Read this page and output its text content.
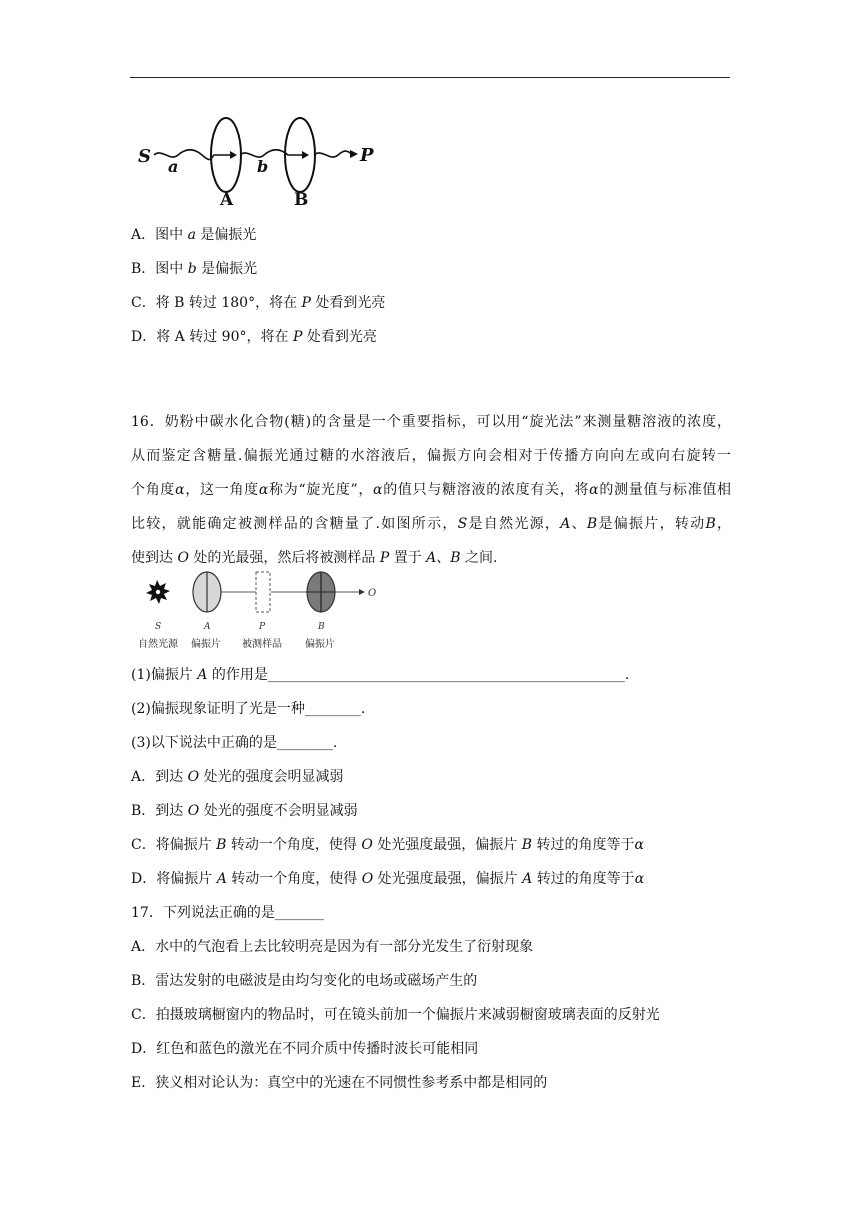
S a	b
P
A	B
A．图中 a 是偏振光
B．图中 b 是偏振光
C．将 B 转过 180°，将在 P 处看到光亮
D．将 A 转过 90°，将在 P 处看到光亮
16．奶粉中碳水化合物(糖)的含量是一个重要指标，可以用“旋光法”来测量糖溶液的浓度，
从而鉴定含糖量.偏振光通过糖的水溶液后，偏振方向会相对于传播方向向左或向右旋转一
个角度α，这一角度α称为“旋光度”，α的值只与糖溶液的浓度有关，将α的测量值与标准值相
比较，就能确定被测样品的含糖量了.如图所示，S是自然光源，A、B是偏振片，转动B，
使到达 O 处的光最强，然后将被测样品 P 置于 A、B 之间.
O
S	A	P	B
自然光源 偏振片 被测样品 偏振片
(1)偏振片 A 的作用是___________________________________________________.
(2)偏振现象证明了光是一种________.
(3)以下说法中正确的是________.
A．到达 O 处光的强度会明显减弱
B．到达 O 处光的强度不会明显减弱
C．将偏振片 B 转动一个角度，使得 O 处光强度最强，偏振片 B 转过的角度等于α
D．将偏振片 A 转动一个角度，使得 O 处光强度最强，偏振片 A 转过的角度等于α
17．下列说法正确的是_______
A．水中的气泡看上去比较明亮是因为有一部分光发生了衍射现象
B．雷达发射的电磁波是由均匀变化的电场或磁场产生的
C．拍摄玻璃橱窗内的物品时，可在镜头前加一个偏振片来减弱橱窗玻璃表面的反射光
D．红色和蓝色的激光在不同介质中传播时波长可能相同
E．狭义相对论认为：真空中的光速在不同惯性参考系中都是相同的
